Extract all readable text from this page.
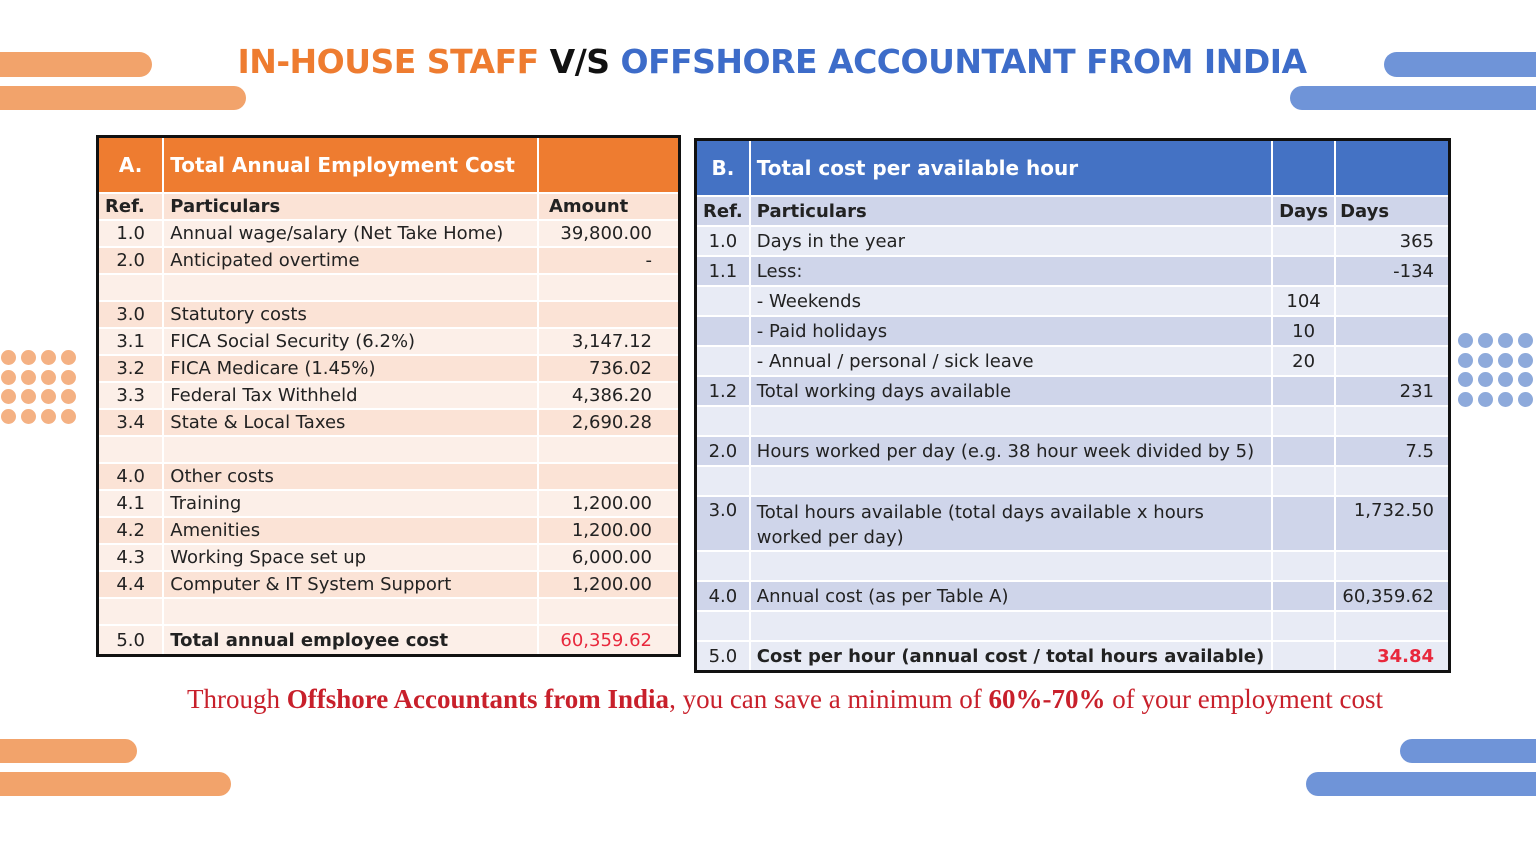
IN-HOUSE STAFF V/S OFFSHORE ACCOUNTANT FROM INDIA
A.	Total Annual Employment Cost	
Ref.	Particulars	Amount
1.0	Annual wage/salary (Net Take Home)	39,800.00
2.0	Anticipated overtime	-

3.0	Statutory costs	
3.1	FICA Social Security (6.2%)	3,147.12
3.2	FICA Medicare (1.45%)	736.02
3.3	Federal Tax Withheld	4,386.20
3.4	State & Local Taxes	2,690.28

4.0	Other costs	
4.1	Training	1,200.00
4.2	Amenities	1,200.00
4.3	Working Space set up	6,000.00
4.4	Computer & IT System Support	1,200.00

5.0	Total annual employee cost	60,359.62
B.	Total cost per available hour		
Ref.	Particulars	Days	Days
1.0	Days in the year		365
1.1	Less:		-134
	- Weekends	104	
	- Paid holidays	10	
	- Annual / personal / sick leave	20	
1.2	Total working days available		231

2.0	Hours worked per day (e.g. 38 hour week divided by 5)		7.5

3.0	Total hours available (total days available x hours worked per day)		1,732.50

4.0	Annual cost (as per Table A)		60,359.62

5.0	Cost per hour (annual cost / total hours available)		34.84
Through Offshore Accountants from India, you can save a minimum of 60%-70% of your employment cost
